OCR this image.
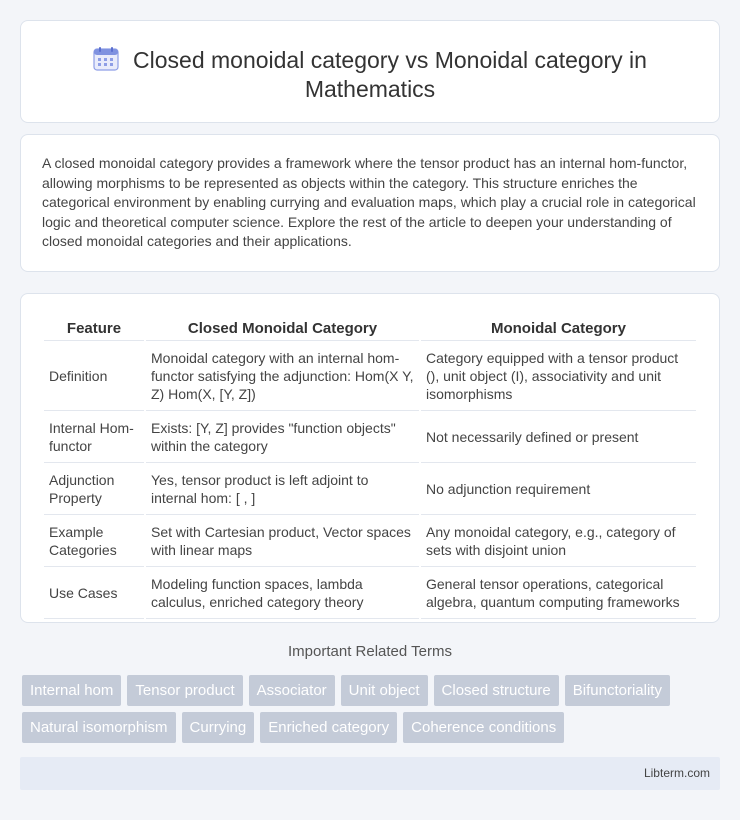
Closed monoidal category vs Monoidal category in Mathematics

A closed monoidal category provides a framework where the tensor product has an internal hom-functor, allowing morphisms to be represented as objects within the category. This structure enriches the categorical environment by enabling currying and evaluation maps, which play a crucial role in categorical logic and theoretical computer science. Explore the rest of the article to deepen your understanding of closed monoidal categories and their applications.

Feature	Closed Monoidal Category	Monoidal Category
Definition	Monoidal category with an internal hom-functor satisfying the adjunction: Hom(X Y, Z) Hom(X, [Y, Z])	Category equipped with a tensor product (), unit object (I), associativity and unit isomorphisms
Internal Hom-functor	Exists: [Y, Z] provides "function objects" within the category	Not necessarily defined or present
Adjunction Property	Yes, tensor product is left adjoint to internal hom: [ , ]	No adjunction requirement
Example Categories	Set with Cartesian product, Vector spaces with linear maps	Any monoidal category, e.g., category of sets with disjoint union
Use Cases	Modeling function spaces, lambda calculus, enriched category theory	General tensor operations, categorical algebra, quantum computing frameworks
Important Related Terms
Internal hom	Tensor product	Associator	Unit object	Closed structure	Bifunctoriality
Natural isomorphism	Currying	Enriched category	Coherence conditions
Libterm.com
